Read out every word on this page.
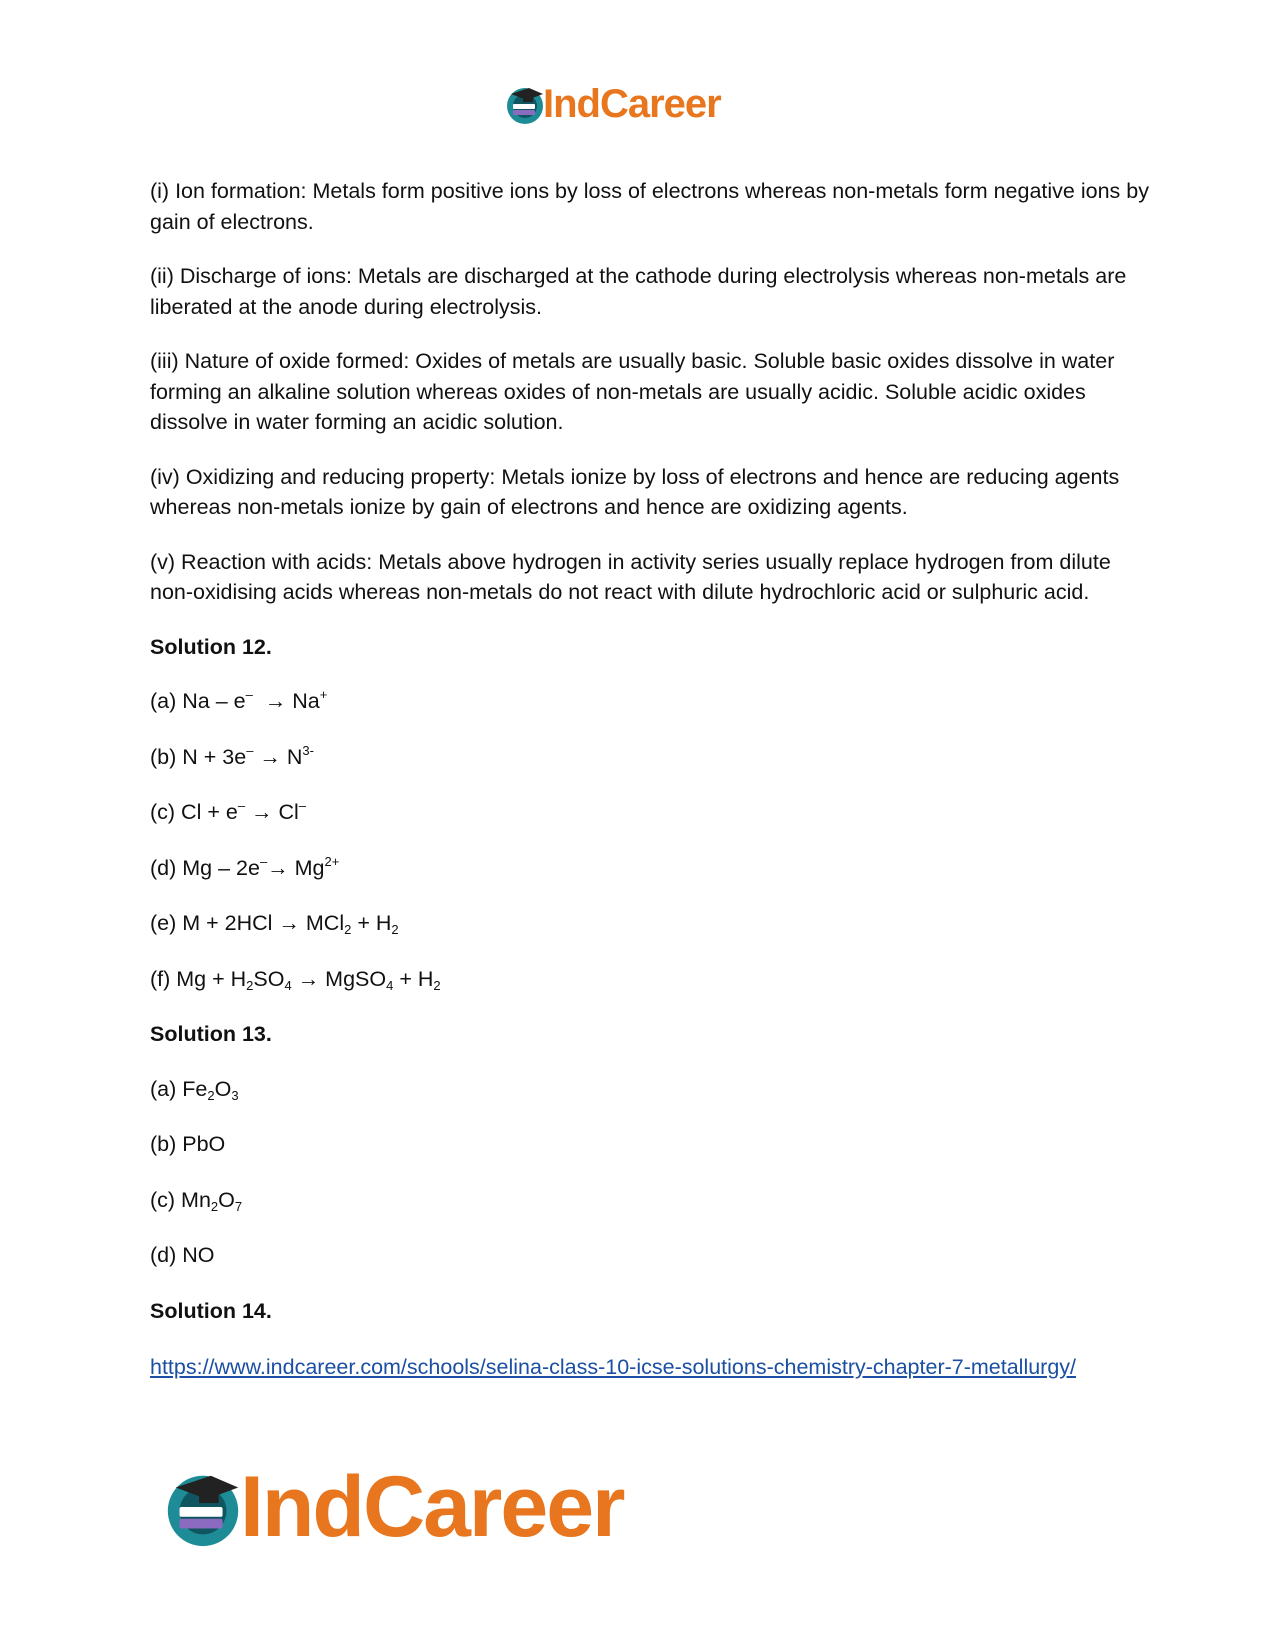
IndCareer

(i) Ion formation: Metals form positive ions by loss of electrons whereas non-metals form negative ions by gain of electrons.

(ii) Discharge of ions: Metals are discharged at the cathode during electrolysis whereas non-metals are liberated at the anode during electrolysis.

(iii) Nature of oxide formed: Oxides of metals are usually basic. Soluble basic oxides dissolve in water forming an alkaline solution whereas oxides of non-metals are usually acidic. Soluble acidic oxides dissolve in water forming an acidic solution.

(iv) Oxidizing and reducing property: Metals ionize by loss of electrons and hence are reducing agents whereas non-metals ionize by gain of electrons and hence are oxidizing agents.

(v) Reaction with acids: Metals above hydrogen in activity series usually replace hydrogen from dilute non-oxidising acids whereas non-metals do not react with dilute hydrochloric acid or sulphuric acid.

Solution 12.

(a) Na – e–  → Na+

(b) $N + 3e^- \to N^{3-}$

(c) Cl + e– → Cl–

(d) $Mg - 2e^-\to Mg^{2+}$

(e) $M + 2HCl \to MCl_2 + H_2$

(f) $Mg + H_2SO_4$ → MgSO$_4$ + $H_2$

Solution 13.

(a) $Fe_2O_3$

(b) PbO

(c) $Mn_2O_7$

(d) NO

Solution 14.

https://www.indcareer.com/schools/selina-class-10-icse-solutions-chemistry-chapter-7-metallurgy/

IndCareer
